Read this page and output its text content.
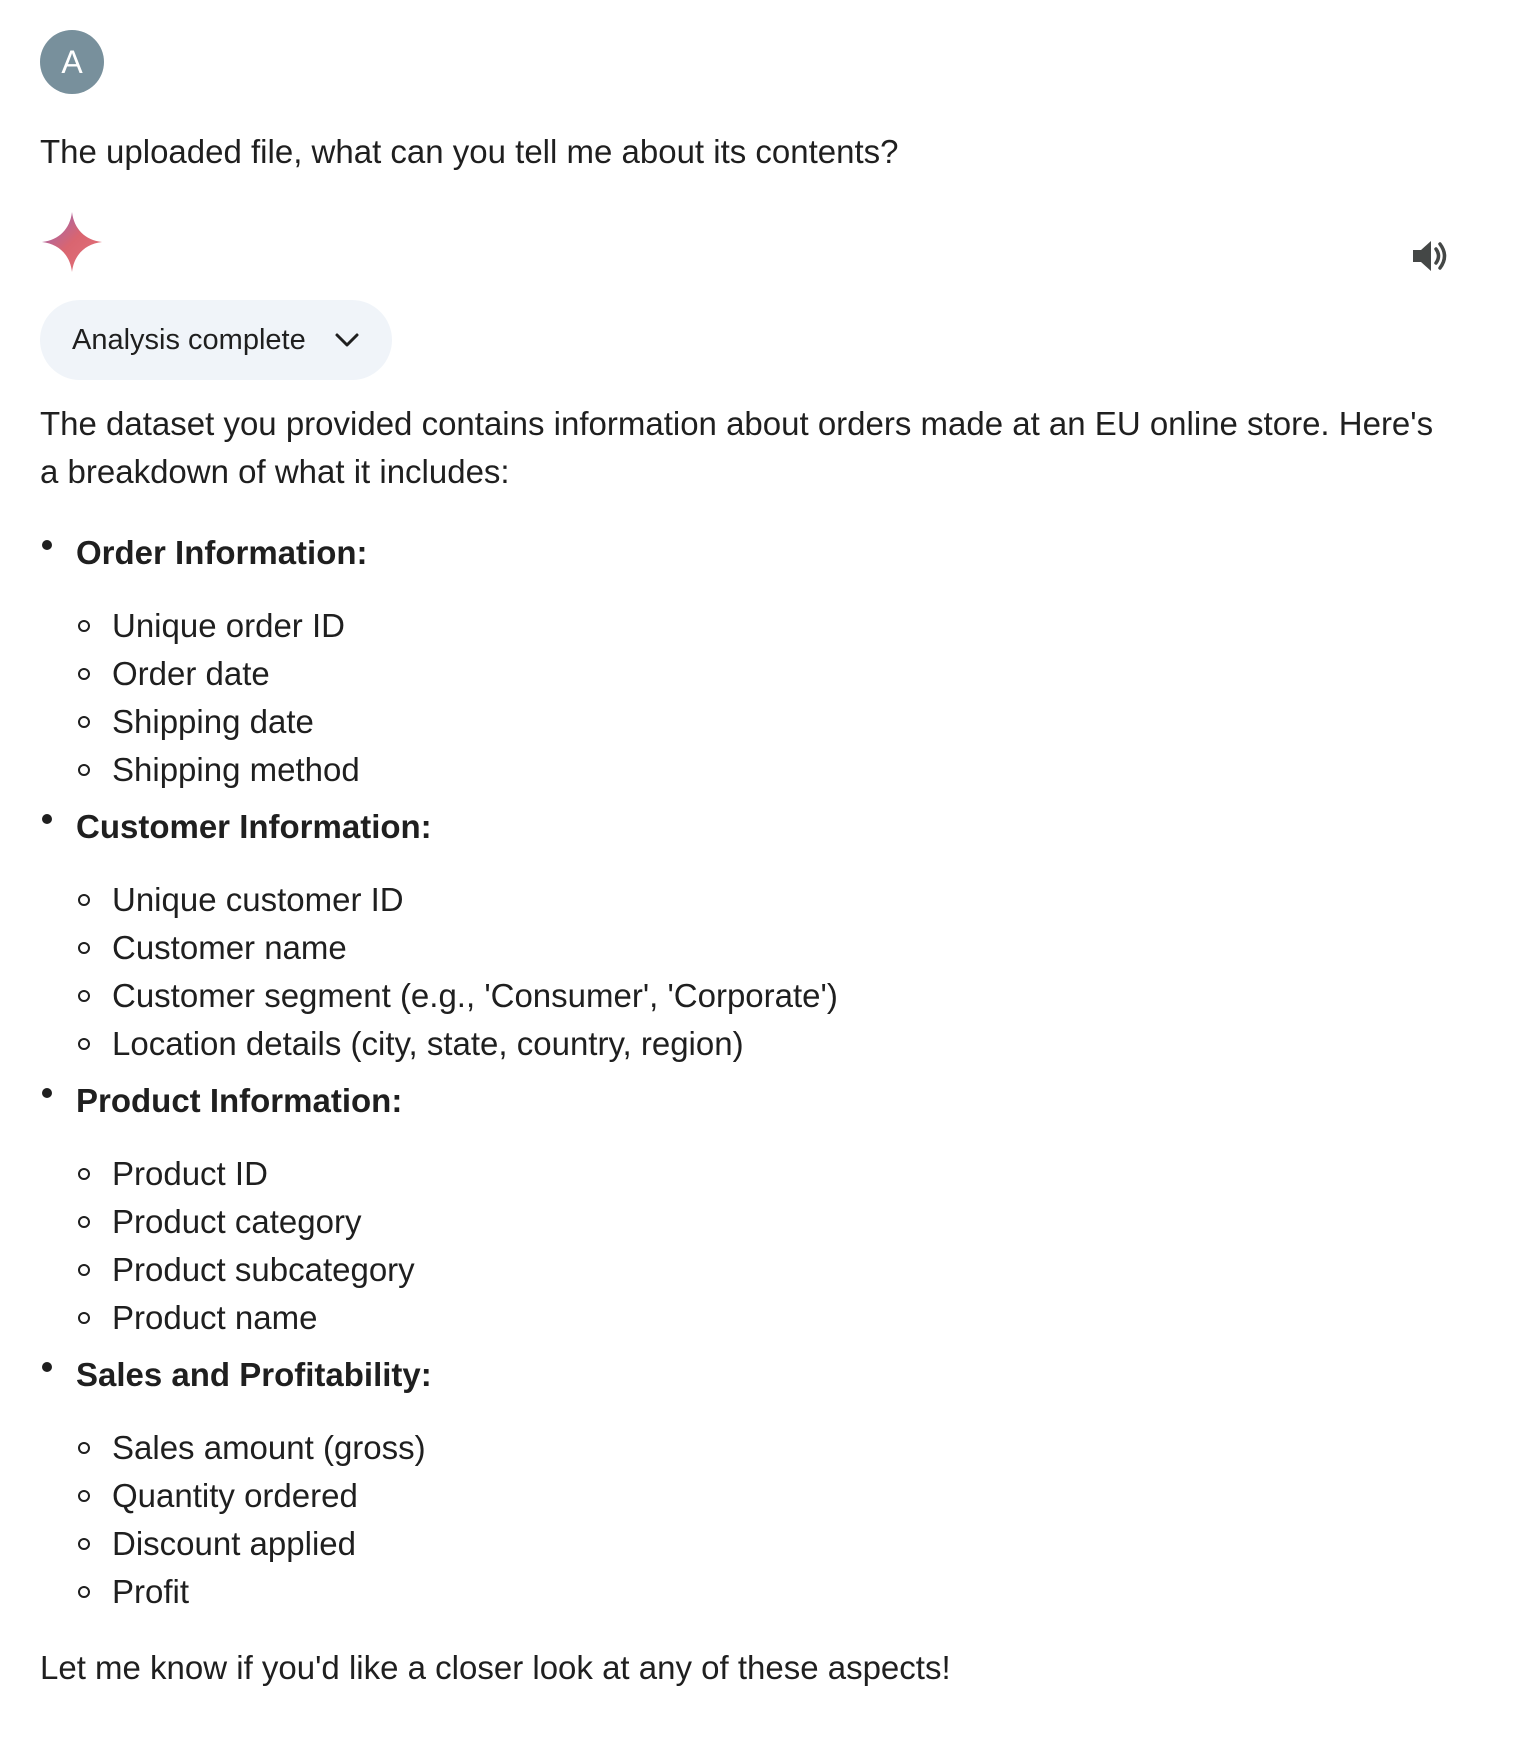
A
The uploaded file, what can you tell me about its contents?
Analysis complete

The dataset you provided contains information about orders made at an EU online store. Here's a breakdown of what it includes:

Order Information:
Unique order ID
Order date
Shipping date
Shipping method
Customer Information:
Unique customer ID
Customer name
Customer segment (e.g., 'Consumer', 'Corporate')
Location details (city, state, country, region)
Product Information:
Product ID
Product category
Product subcategory
Product name
Sales and Profitability:
Sales amount (gross)
Quantity ordered
Discount applied
Profit

Let me know if you'd like a closer look at any of these aspects!
